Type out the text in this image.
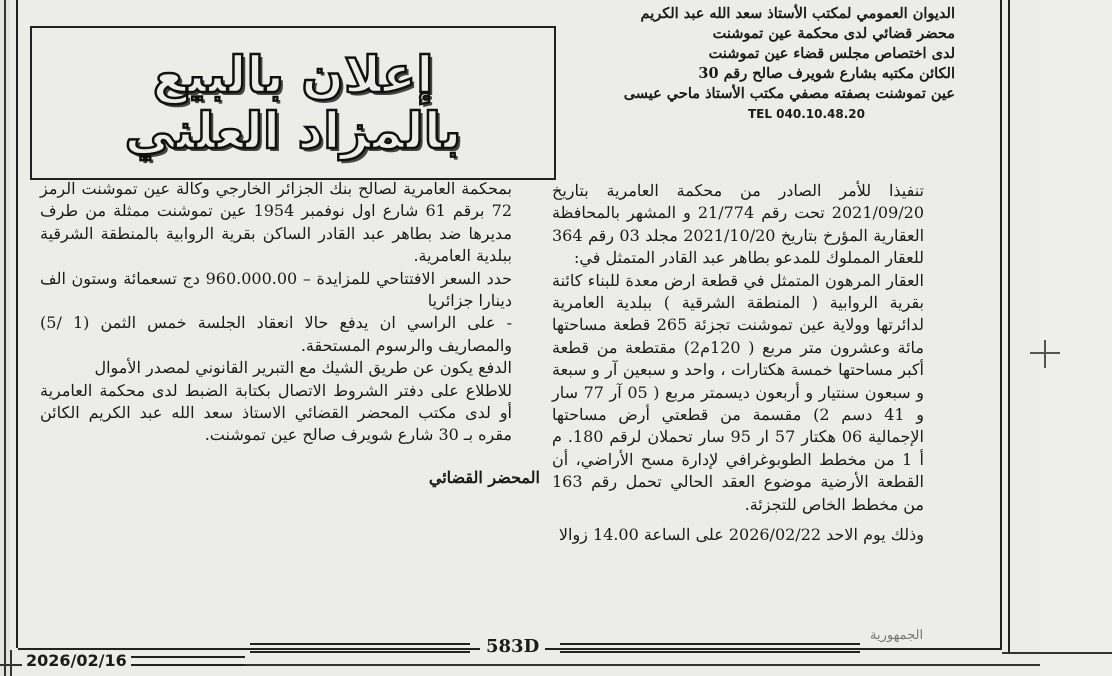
الديوان العمومي لمكتب الأستاذ سعد الله عبد الكريم
محضر قضائي لدى محكمة عين تموشنت
لدى اختصاص مجلس قضاء عين تموشنت
الكائن مكتبه بشارع شويرف صالح رقم 30
عين تموشنت بصفته مصفي مكتب الأستاذ ماحي عيسى
TEL 040.10.48.20
إعلان بالبيع
بالمزاد العلني

تنفيذا للأمر الصادر من محكمة العامرية بتاريخ 2021/09/20 تحت رقم 21/774 و المشهر بالمحافظة العقارية المؤرخ بتاريخ 2021/10/20 مجلد 03 رقم 364 للعقار المملوك للمدعو بطاهر عبد القادر المتمثل في:

العقار المرهون المتمثل في قطعة ارض معدة للبناء كائنة بقرية الروابية ( المنطقة الشرقية ) ببلدية العامرية لدائرتها وولاية عين تموشنت تجزئة 265 قطعة مساحتها مائة وعشرون متر مربع ( 120م2) مقتطعة من قطعة أكبر مساحتها خمسة هكتارات ، واحد و سبعين آر و سبعة و سبعون سنتيار و أربعون ديسمتر مربع ( 05 آر 77 سار و 41 دسم 2) مقسمة من قطعتي أرض مساحتها الإجمالية 06 هكتار 57 ار 95 سار تحملان لرقم 180. م أ 1 من مخطط الطوبوغرافي لإدارة مسح الأراضي، أن القطعة الأرضية موضوع العقد الحالي تحمل رقم 163 من مخطط الخاص للتجزئة.

وذلك يوم الاحد 2026/02/22 على الساعة 14.00 زوالا

بمحكمة العامرية لصالح بنك الجزائر الخارجي وكالة عين تموشنت الرمز 72 برقم 61 شارع اول نوفمبر 1954 عين تموشنت ممثلة من طرف مديرها ضد بطاهر عبد القادر الساكن بقرية الروابية بالمنطقة الشرقية ببلدية العامرية.

حدد السعر الافتتاحي للمزايدة – 960.000.00 دج تسعمائة وستون الف دينارا جزائريا

- على الراسي ان يدفع حالا انعقاد الجلسة خمس الثمن (1 /5) والمصاريف والرسوم المستحقة.

الدفع يكون عن طريق الشيك مع التبرير القانوني لمصدر الأموال

للاطلاع على دفتر الشروط الاتصال بكتابة الضبط لدى محكمة العامرية أو لدى مكتب المحضر القضائي الاستاذ سعد الله عبد الكريم الكائن مقره بـ 30 شارع شويرف صالح عين تموشنت.

المحضر القضائي

583D
الجمهورية
2026/02/16
